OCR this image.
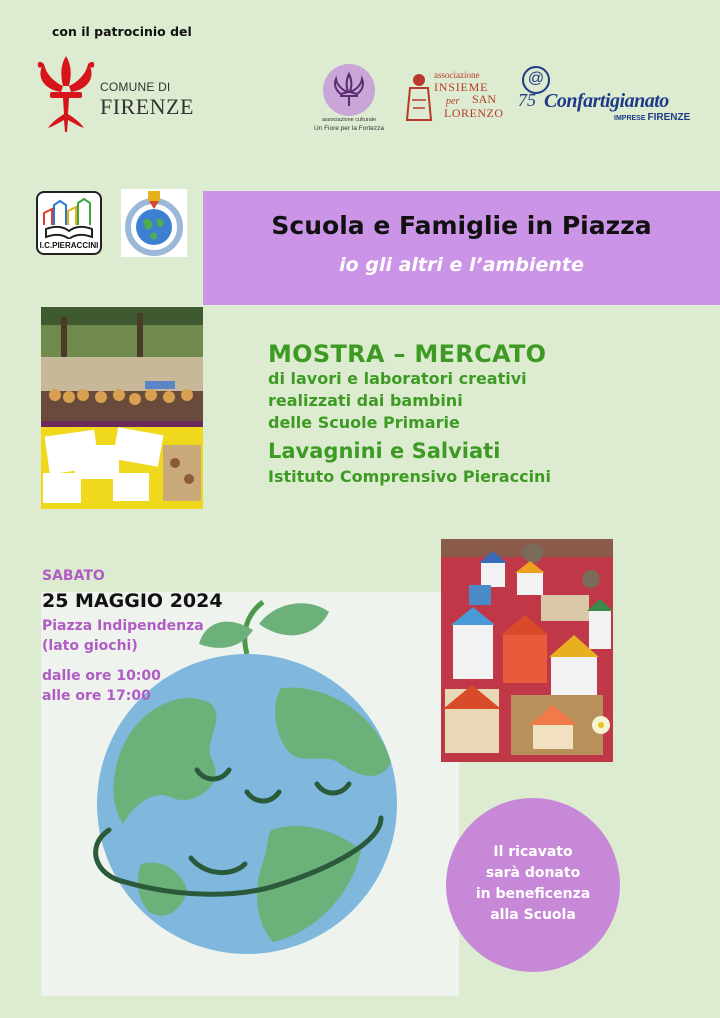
con il patrocinio del
COMUNE DI
FIRENZE
associazione culturale
Un Fiore per la Fortezza
associazione
INSIEME
per SAN
LORENZO
@
75 Confartigianato
IMPRESE FIRENZE
I.C.PIERACCINI
Scuola e Famiglie in Piazza
io gli altri e l’ambiente
MOSTRA – MERCATO
di lavori e laboratori creativi
realizzati dai bambini
delle Scuole Primarie
Lavagnini e Salviati
Istituto Comprensivo Pieraccini
SABATO
25 MAGGIO 2024
Piazza Indipendenza
(lato giochi)
dalle ore 10:00
alle ore 17:00
Il ricavato
sarà donato
in beneficenza
alla Scuola
